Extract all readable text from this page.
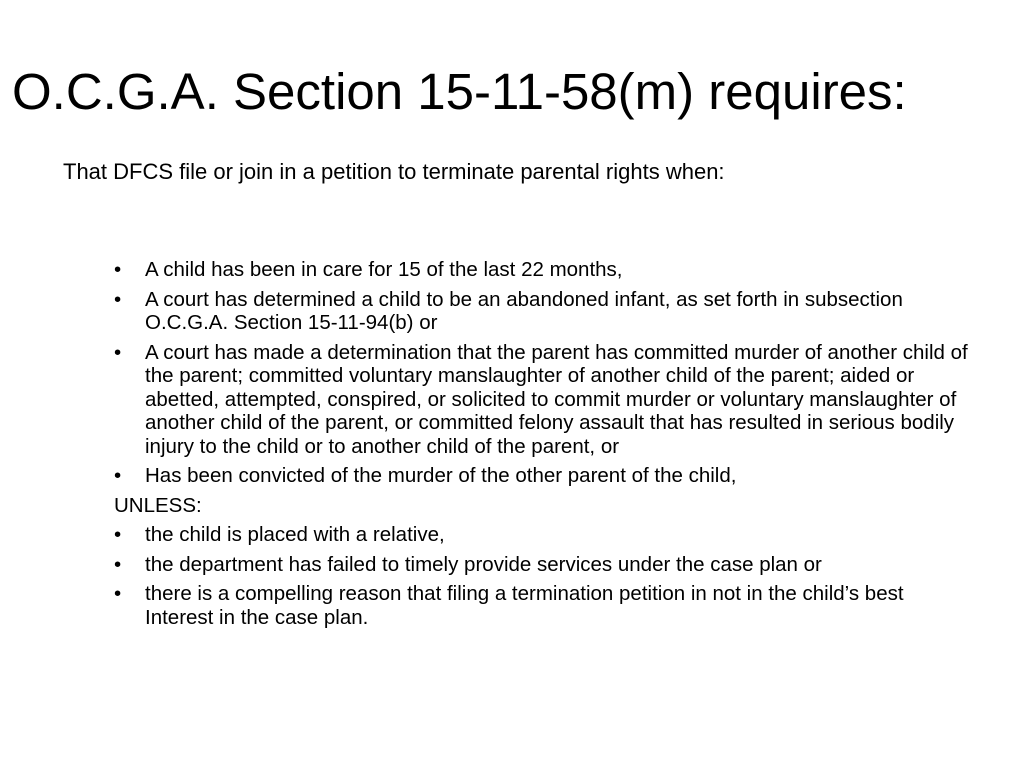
O.C.G.A. Section 15-11-58(m) requires:

That DFCS file or join in a petition to terminate parental rights when:

• A child has been in care for 15 of the last 22 months,
• A court has determined a child to be an abandoned infant, as set forth in subsection O.C.G.A. Section 15-11-94(b) or
• A court has made a determination that the parent has committed murder of another child of the parent; committed voluntary manslaughter of another child of the parent; aided or abetted, attempted, conspired, or solicited to commit murder or voluntary manslaughter of another child of the parent, or committed felony assault that has resulted in serious bodily injury to the child or to another child of the parent, or
• Has been convicted of the murder of the other parent of the child,
UNLESS:
• the child is placed with a relative,
• the department has failed to timely provide services under the case plan or
• there is a compelling reason that filing a termination petition in not in the child’s best Interest in the case plan.
